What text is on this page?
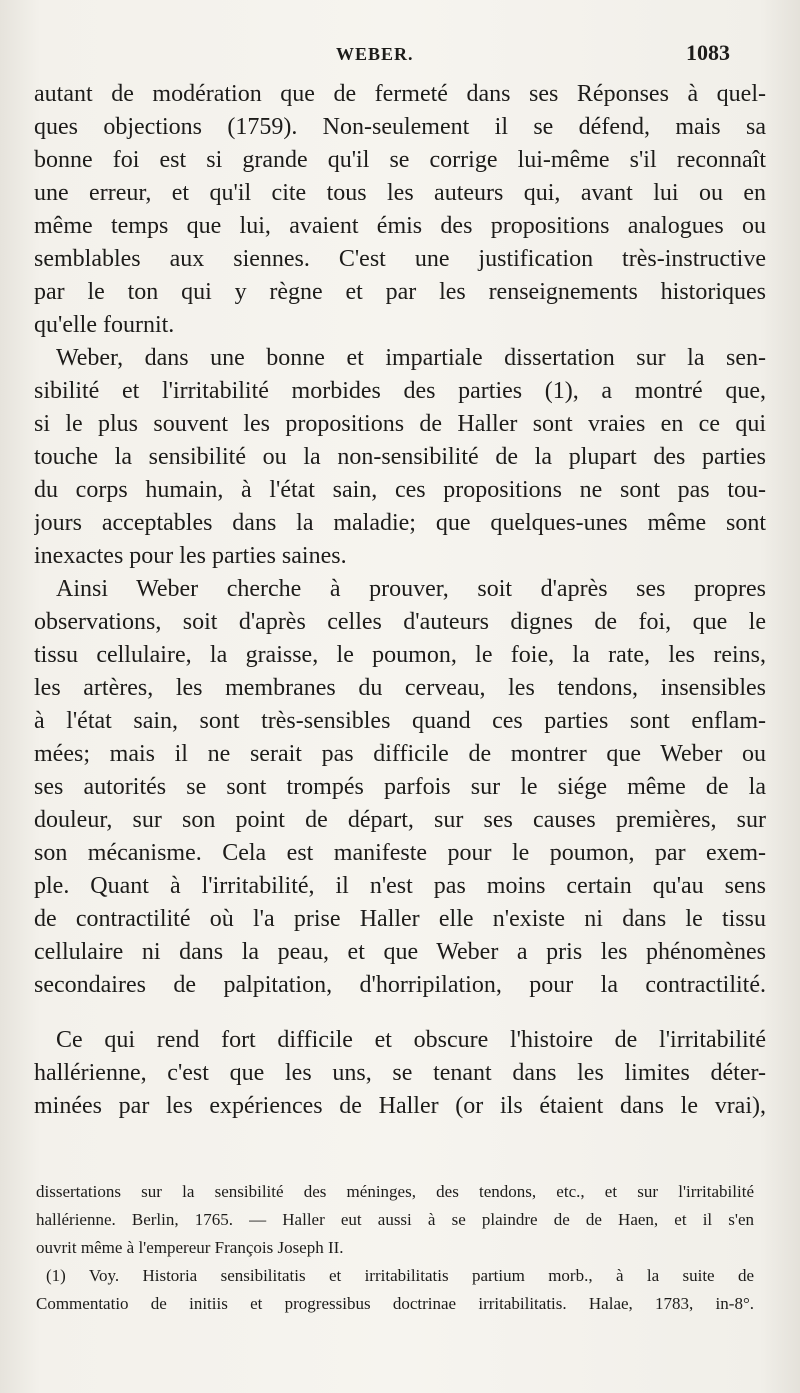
WEBER.	1083
autant de modération que de fermeté dans ses Réponses à quel-
ques objections (1759). Non-seulement il se défend, mais sa
bonne foi est si grande qu'il se corrige lui-même s'il reconnaît
une erreur, et qu'il cite tous les auteurs qui, avant lui ou en
même temps que lui, avaient émis des propositions analogues ou
semblables aux siennes. C'est une justification très-instructive
par le ton qui y règne et par les renseignements historiques
qu'elle fournit.
Weber, dans une bonne et impartiale dissertation sur la sen-
sibilité et l'irritabilité morbides des parties (1), a montré que,
si le plus souvent les propositions de Haller sont vraies en ce qui
touche la sensibilité ou la non-sensibilité de la plupart des parties
du corps humain, à l'état sain, ces propositions ne sont pas tou-
jours acceptables dans la maladie; que quelques-unes même sont
inexactes pour les parties saines.
Ainsi Weber cherche à prouver, soit d'après ses propres
observations, soit d'après celles d'auteurs dignes de foi, que le
tissu cellulaire, la graisse, le poumon, le foie, la rate, les reins,
les artères, les membranes du cerveau, les tendons, insensibles
à l'état sain, sont très-sensibles quand ces parties sont enflam-
mées; mais il ne serait pas difficile de montrer que Weber ou
ses autorités se sont trompés parfois sur le siége même de la
douleur, sur son point de départ, sur ses causes premières, sur
son mécanisme. Cela est manifeste pour le poumon, par exem-
ple. Quant à l'irritabilité, il n'est pas moins certain qu'au sens
de contractilité où l'a prise Haller elle n'existe ni dans le tissu
cellulaire ni dans la peau, et que Weber a pris les phénomènes
secondaires de palpitation, d'horripilation, pour la contractilité.
Ce qui rend fort difficile et obscure l'histoire de l'irritabilité
hallérienne, c'est que les uns, se tenant dans les limites déter-
minées par les expériences de Haller (or ils étaient dans le vrai),
dissertations sur la sensibilité des méninges, des tendons, etc., et sur l'irritabilité
hallérienne. Berlin, 1765. — Haller eut aussi à se plaindre de de Haen, et il s'en
ouvrit même à l'empereur François Joseph II.
(1) Voy. Historia sensibilitatis et irritabilitatis partium morb., à la suite de
Commentatio de initiis et progressibus doctrinae irritabilitatis. Halae, 1783, in-8°.
